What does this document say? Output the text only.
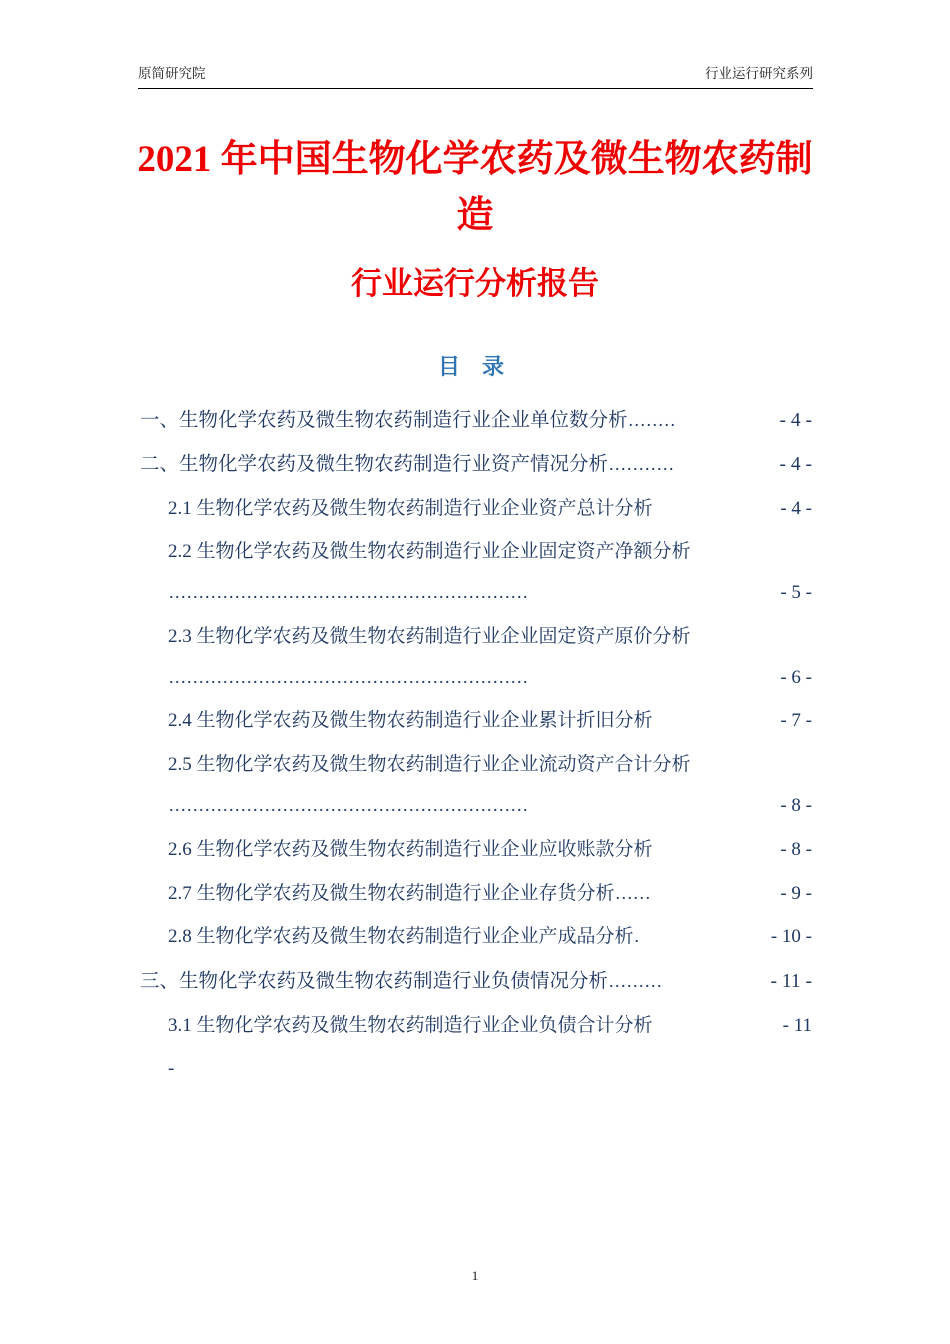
原简研究院	行业运行研究系列
2021 年中国生物化学农药及微生物农药制造
行业运行分析报告
目 录
一、生物化学农药及微生物农药制造行业企业单位数分析 ........	- 4 -
二、生物化学农药及微生物农药制造行业资产情况分析 ...........	- 4 -
2.1 生物化学农药及微生物农药制造行业企业资产总计分析	- 4 -
2.2 生物化学农药及微生物农药制造行业企业固定资产净额分析
............................................................	- 5 -
2.3 生物化学农药及微生物农药制造行业企业固定资产原价分析
............................................................	- 6 -
2.4 生物化学农药及微生物农药制造行业企业累计折旧分析	- 7 -
2.5 生物化学农药及微生物农药制造行业企业流动资产合计分析
............................................................	- 8 -
2.6 生物化学农药及微生物农药制造行业企业应收账款分析	- 8 -
2.7 生物化学农药及微生物农药制造行业企业存货分析 ......	- 9 -
2.8 生物化学农药及微生物农药制造行业企业产成品分析 .	- 10 -
三、生物化学农药及微生物农药制造行业负债情况分析 .........	- 11 -
3.1 生物化学农药及微生物农药制造行业企业负债合计分析	- 11
-
1
